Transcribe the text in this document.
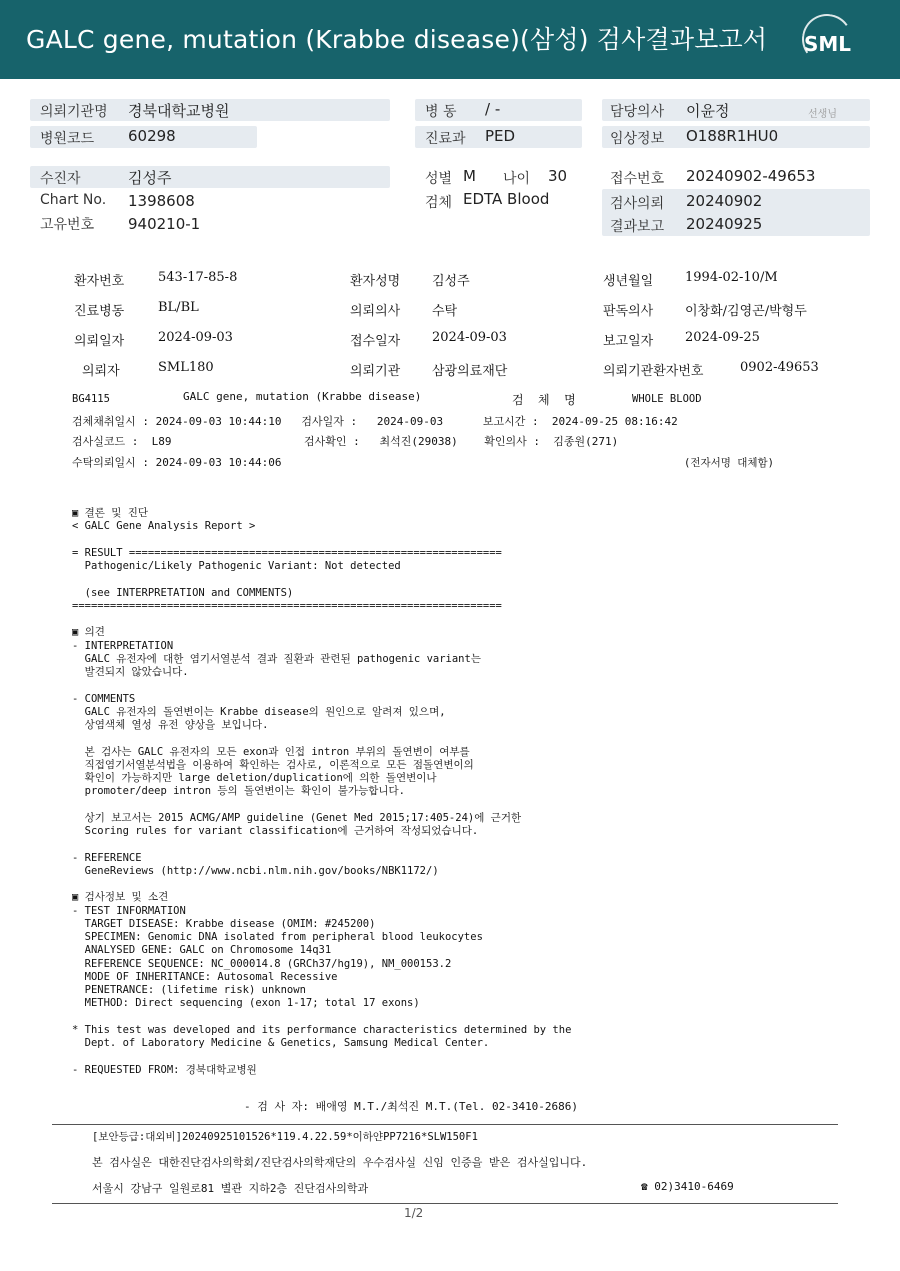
GALC gene, mutation (Krabbe disease)(삼성) 검사결과보고서 SML
의뢰기관명 경북대학교병원
병원코드 60298
병 동 / -
진료과 PED
담당의사 이윤정	선생님
임상정보 O188R1HU0
수진자	김성주
Chart No. 1398608
고유번호 940210-1
성별 M 나이 30
검체 EDTA Blood
접수번호 20240902-49653
검사의뢰 20240902
결과보고 20240925
환자번호	543-17-85-8	환자성명 김성주	생년월일 1994-02-10/M
진료병동	BL/BL	의뢰의사 수탁	판독의사 이창화/김영곤/박형두
의뢰일자	2024-09-03	접수일자 2024-09-03	보고일자 2024-09-25
의뢰자	SML180	의뢰기관 삼광의료재단	의뢰기관환자번호	0902-49653
BG4115	GALC gene, mutation (Krabbe disease)	검  체  명	WHOLE BLOOD
검체채취일시 : 2024-09-03 10:44:10   검사일자 :   2024-09-03      보고시간 :  2024-09-25 08:16:42
검사실코드 :  L89                    검사확인 :   최석진(29038)    확인의사 :  김종원(271)
수탁의뢰일시 : 2024-09-03 10:44:06	(전자서명 대체함)
▣ 결론 및 진단
< GALC Gene Analysis Report >
= RESULT ===========================================================
Pathogenic/Likely Pathogenic Variant: Not detected
(see INTERPRETATION and COMMENTS)
====================================================================
▣ 의견
- INTERPRETATION
GALC 유전자에 대한 염기서열분석 결과 질환과 관련된 pathogenic variant는
발견되지 않았습니다.
- COMMENTS
GALC 유전자의 돌연변이는 Krabbe disease의 원인으로 알려져 있으며,
상염색체 열성 유전 양상을 보입니다.
본 검사는 GALC 유전자의 모든 exon과 인접 intron 부위의 돌연변이 여부를
직접염기서열분석법을 이용하여 확인하는 검사로, 이론적으로 모든 점돌연변이의
확인이 가능하지만 large deletion/duplication에 의한 돌연변이나
promoter/deep intron 등의 돌연변이는 확인이 불가능합니다.
상기 보고서는 2015 ACMG/AMP guideline (Genet Med 2015;17:405-24)에 근거한
Scoring rules for variant classification에 근거하여 작성되었습니다.
- REFERENCE
GeneReviews (http://www.ncbi.nlm.nih.gov/books/NBK1172/)
▣ 검사정보 및 소견
- TEST INFORMATION
TARGET DISEASE: Krabbe disease (OMIM: #245200)
SPECIMEN: Genomic DNA isolated from peripheral blood leukocytes
ANALYSED GENE: GALC on Chromosome 14q31
REFERENCE SEQUENCE: NC_000014.8 (GRCh37/hg19), NM_000153.2
MODE OF INHERITANCE: Autosomal Recessive
PENETRANCE: (lifetime risk) unknown
METHOD: Direct sequencing (exon 1-17; total 17 exons)
* This test was developed and its performance characteristics determined by the
Dept. of Laboratory Medicine & Genetics, Samsung Medical Center.
- REQUESTED FROM: 경북대학교병원
- 검 사 자: 배애영 M.T./최석진 M.T.(Tel. 02-3410-2686)
[보안등급:대외비]20240925101526*119.4.22.59*이하얀PP7216*SLW150F1
본 검사실은 대한진단검사의학회/진단검사의학재단의 우수검사실 신임 인증을 받은 검사실입니다.
서울시 강남구 일원로81 별관 지하2층 진단검사의학과	☎ 02)3410-6469
1/2
